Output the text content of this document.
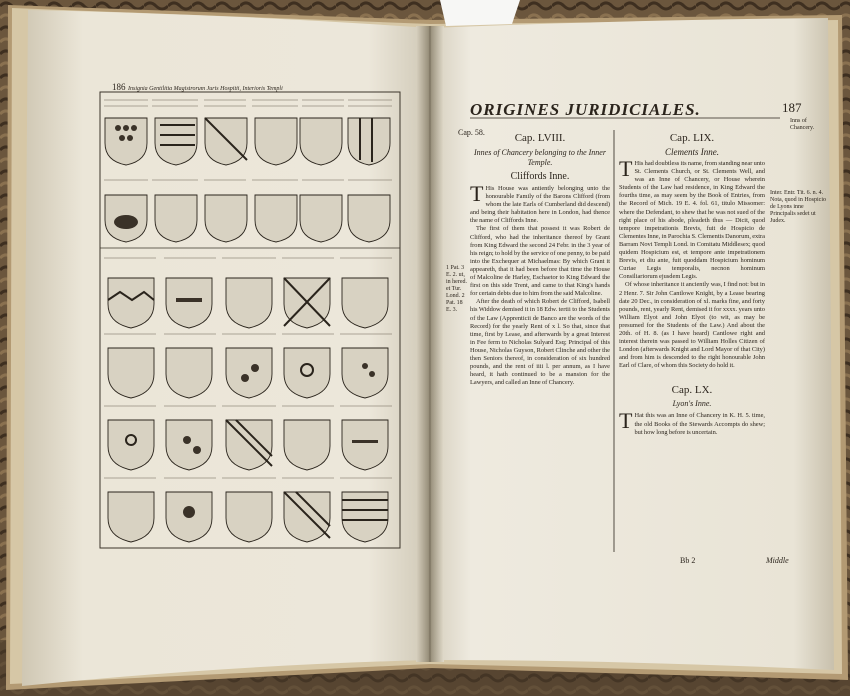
186 Insignia Gentilitia Magistrorum Juris Hospitii, Interioris Templi
ORIGINES JURIDICIALES.	187
Inns of Chancery.
Cap. 58.	Cap. LVIII.
Innes of Chancery belonging to the Inner Temple.
Cliffords Inne.
T His House was antiently belonging unto the honourable Family of the Barons Clifford (from whom the late Earls of Cumberland did descend) and being their habitation here in London, had thence the name of Cliffords Inne.

The first of them that possest it was Robert de Clifford, who had the inheritance thereof by Grant from King Edward the second 24 Febr. in the 3 year of his reign; to hold by the service of one penny, to be paid into the Exchequer at Michaelmas: By which Grant it appeareth, that it had been before that time the House of Malcoline de Harley, Eschaetor to King Edward the first on this side Trent, and came to that King's hands for certain debts due to him from the said Malcoline.

After the death of which Robert de Clifford, Isabell his Widdow demised it in 18 Edw. tertii to the Students of the Law (Apprenticii de Banco are the words of the Record) for the yearly Rent of x l. So that, since that time, first by Lease, and afterwards by a great Interest in Fee ferm to Nicholas Sulyard Esq; Principal of this House, Nicholas Guyson, Robert Clinche and other the then Seniors thereof, in consideration of six hundred pounds, and the rent of iiii l. per annum, as I have heard, it hath continued to be a mansion for the Lawyers, and called an Inne of Chancery.

1 Pat. 3 E. 2. ut, in hered. et Tur. Lond. 2 Pat. 18 E. 3.
Cap. LIX.
Clements Inne.
T His had doubtless its name, from standing near unto St. Clements Church, or St. Clements Well, and was an Inne of Chancery, or House wherein Students of the Law had residence, in King Edward the fourths time, as may seem by the Book of Entries, from the Record of Mich. 19 E. 4. fol. 61, titulo Missomer: where the Defendant, to shew that he was not sued of the right place of his abode, pleadeth thus — Dicit, quod tempore impetrationis Brevis, fuit de Hospicio de Clementes Inne, in Parochia S. Clementis Danorum, extra Barram Novi Templi Lond. in Comitatu Middlesex; quod quidem Hospicium est, et tempore ante impetrationem Brevis, et diu ante, fuit quoddam Hospicium hominum Curiae Legis temporalis, necnon hominum Consiliariorum ejusdem Legis.

Of whose inheritance it anciently was, I find not: but in 2 Henr. 7. Sir John Cantlowe Knight, by a Lease bearing date 20 Dec., in consideration of xl. marks fine, and forty pounds, rent, yearly Rent, demised it for xxxx. years unto William Elyot and John Elyot (to wit, as may be presumed for the Students of the Law.) And about the 20th. of H. 8. (as I have heard) Cantlowe right and interest therein was passed to William Holles Citizen of London (afterwards Knight and Lord Mayor of that City) and from him is descended to the right honourable John Earl of Clare, of whom this Society do hold it.

Cap. LX.
Lyon's Inne.
T Hat this was an Inne of Chancery in K. H. 5. time, the old Books of the Stewards Accompts do shew; but how long before is uncertain.

Inter. Entr. Tit. 6. n. 4. Nota, quod in Hospicio de Lyons inne Principalis sedet ut Judex.
Bb 2	Middle
